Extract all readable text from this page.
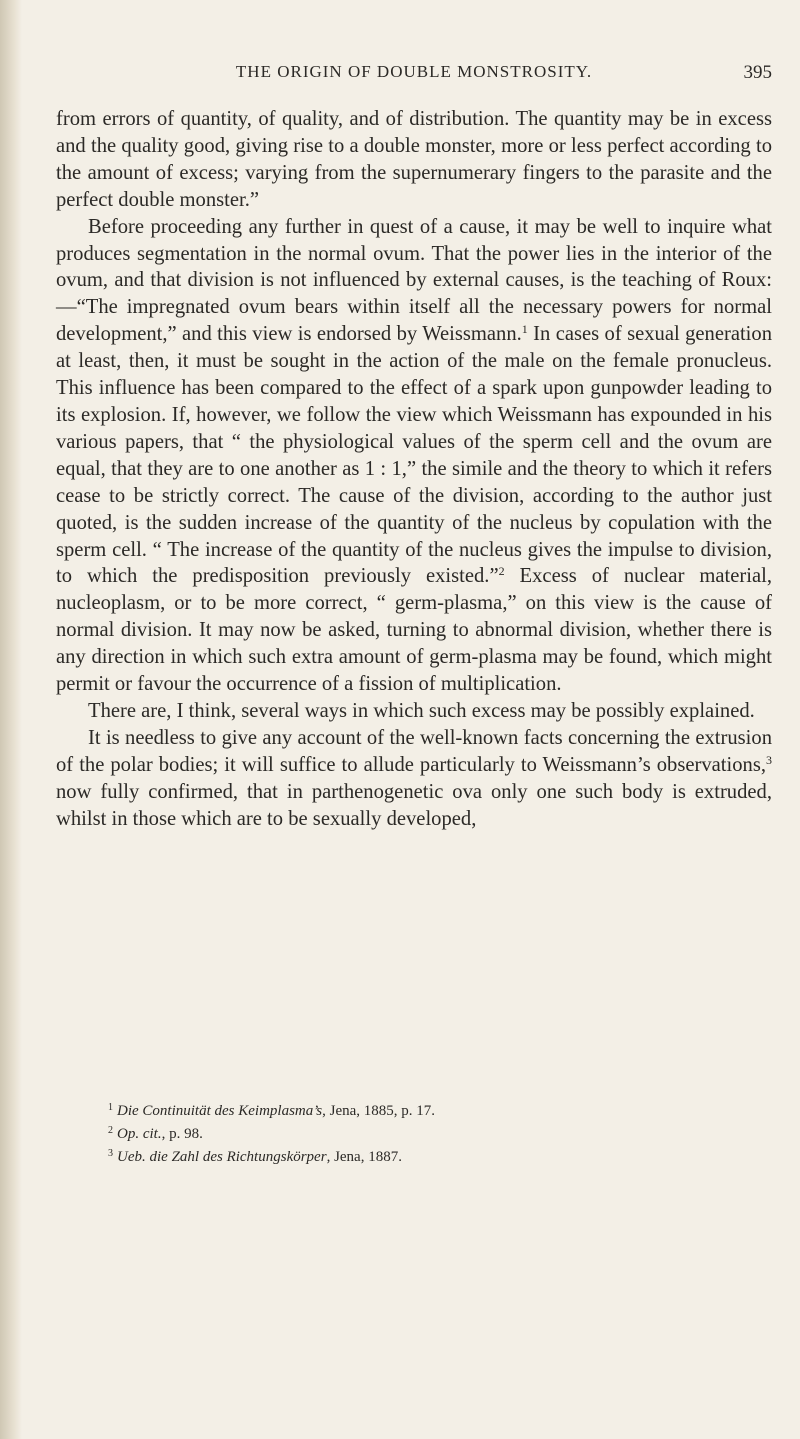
THE ORIGIN OF DOUBLE MONSTROSITY.	395

from errors of quantity, of quality, and of distribution. The quantity may be in excess and the quality good, giving rise to a double monster, more or less perfect according to the amount of excess; varying from the supernumerary fingers to the parasite and the perfect double monster.”

Before proceeding any further in quest of a cause, it may be well to inquire what produces segmentation in the normal ovum. That the power lies in the interior of the ovum, and that division is not influenced by external causes, is the teaching of Roux:—“The impregnated ovum bears within itself all the necessary powers for normal development,” and this view is endorsed by Weissmann.$^1$ In cases of sexual generation at least, then, it must be sought in the action of the male on the female pronucleus. This influence has been compared to the effect of a spark upon gunpowder leading to its explosion. If, however, we follow the view which Weissmann has expounded in his various papers, that “ the physiological values of the sperm cell and the ovum are equal, that they are to one another as 1 : 1,” the simile and the theory to which it refers cease to be strictly correct. The cause of the division, according to the author just quoted, is the sudden increase of the quantity of the nucleus by copulation with the sperm cell. “ The increase of the quantity of the nucleus gives the impulse to division, to which the predisposition previously existed.”$^2$ Excess of nuclear material, nucleoplasm, or to be more correct, “ germ-plasma,” on this view is the cause of normal division. It may now be asked, turning to abnormal division, whether there is any direction in which such extra amount of germ-plasma may be found, which might permit or favour the occurrence of a fission of multiplication.

There are, I think, several ways in which such excess may be possibly explained.

It is needless to give any account of the well-known facts concerning the extrusion of the polar bodies; it will suffice to allude particularly to Weissmann’s observations,$^3$ now fully confirmed, that in parthenogenetic ova only one such body is extruded, whilst in those which are to be sexually developed,

$^1$ Die Continuität des Keimplasma’s, Jena, 1885, p. 17.
$^2$ Op. cit., p. 98.
$^3$ Ueb. die Zahl des Richtungskörper, Jena, 1887.
